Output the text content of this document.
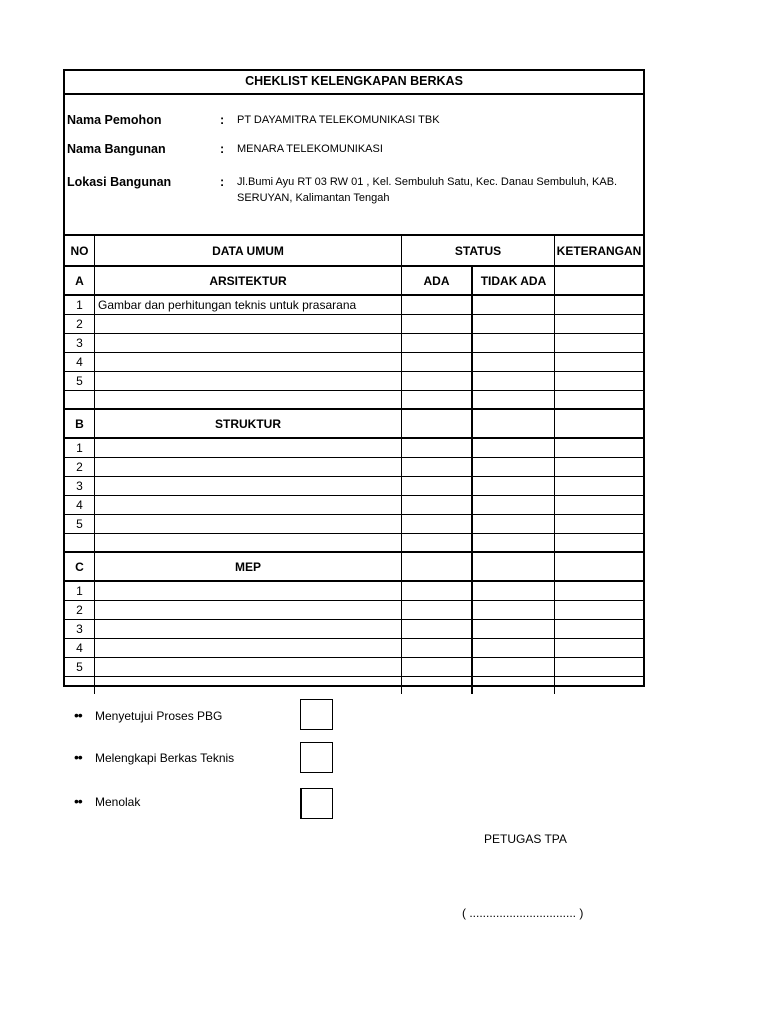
CHEKLIST KELENGKAPAN BERKAS
Nama Pemohon	: PT DAYAMITRA TELEKOMUNIKASI TBK
Nama Bangunan	: MENARA TELEKOMUNIKASI
Lokasi Bangunan	: Jl.Bumi Ayu RT 03 RW 01 , Kel. Sembuluh Satu, Kec. Danau Sembuluh, KAB. SERUYAN, Kalimantan Tengah
NO	DATA UMUM	STATUS	KETERANGAN
A	ARSITEKTUR	ADA	TIDAK ADA
1	Gambar dan perhitungan teknis untuk prasarana
2
3
4
5
B	STRUKTUR
1
2
3
4
5
C	MEP
1
2
3
4
5
•• Menyetujui Proses PBG
•• Melengkapi Berkas Teknis
•• Menolak
PETUGAS TPA
( ................................ )
